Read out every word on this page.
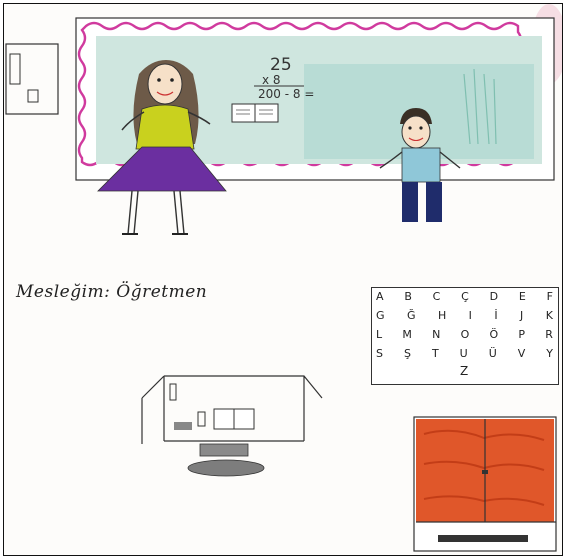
25
x 8
200 - 8 =
Mesleğim: Öğretmen	A B C Ç D E F
G Ğ H I İ J K
L M N O Ö P R
S Ş T U Ü V Y
Z
